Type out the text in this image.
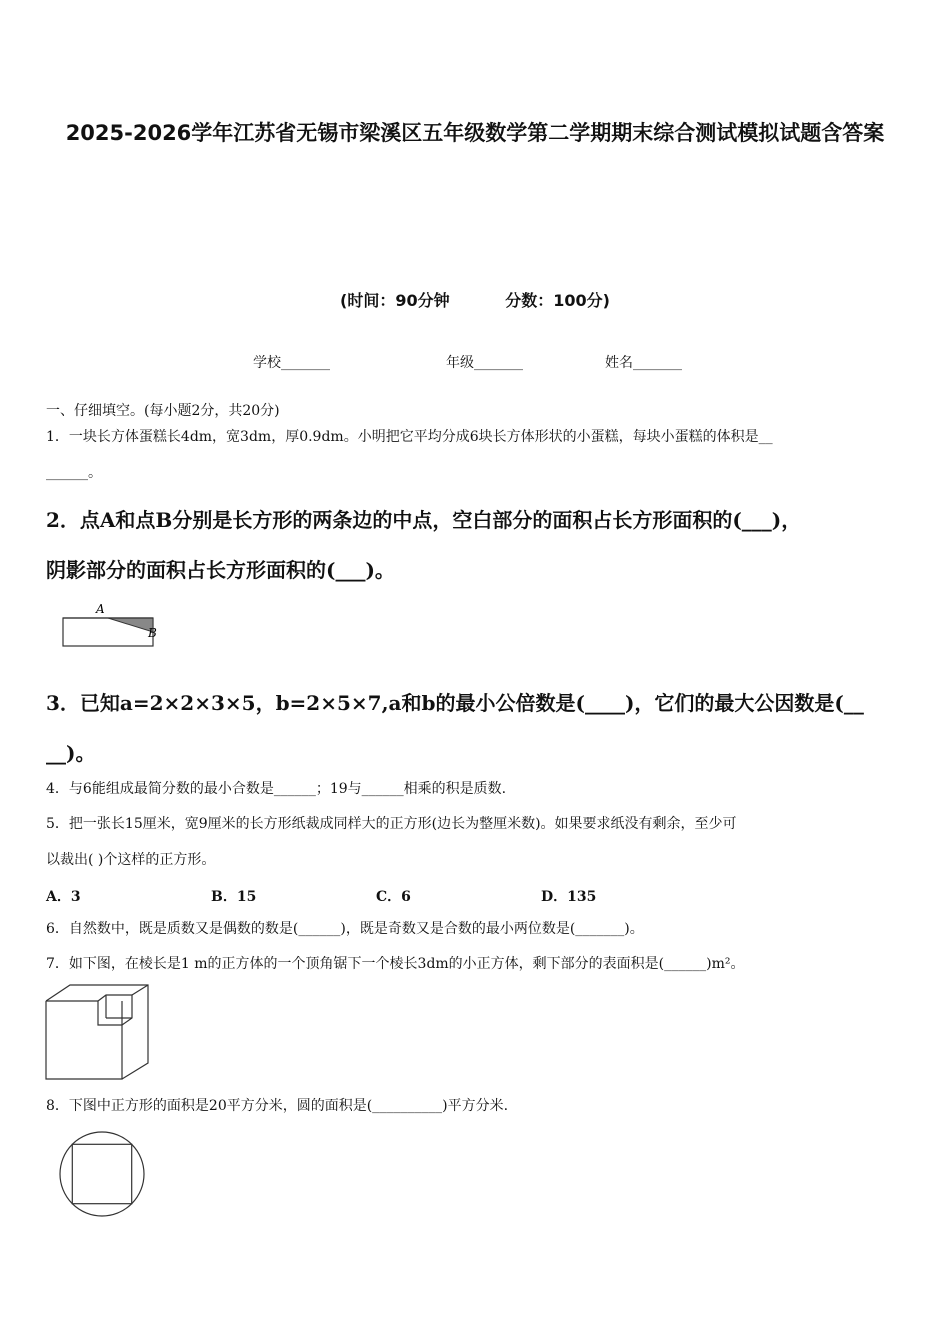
2025-2026学年江苏省无锡市梁溪区五年级数学第二学期期末综合测试模拟试题含答案
(时间：90分钟          分数：100分)
学校_______	年级_______	姓名_______
一、仔细填空。(每小题2分，共20分)
1．一块长方体蛋糕长4dm，宽3dm，厚0.9dm。小明把它平均分成6块长方体形状的小蛋糕，每块小蛋糕的体积是__
______。
2．点A和点B分别是长方形的两条边的中点，空白部分的面积占长方形面积的(___)，
阴影部分的面积占长方形面积的(___)。
A
B
3．已知a=2×2×3×5，b=2×5×7,a和b的最小公倍数是(____)，它们的最大公因数是(__
__)。
4．与6能组成最简分数的最小合数是______；19与______相乘的积是质数.
5．把一张长15厘米，宽9厘米的长方形纸裁成同样大的正方形(边长为整厘米数)。如果要求纸没有剩余，至少可
以裁出( )个这样的正方形。
A．3	B．15	C．6	D．135
6．自然数中，既是质数又是偶数的数是(______)，既是奇数又是合数的最小两位数是(_______)。
7．如下图，在棱长是1 m的正方体的一个顶角锯下一个棱长3dm的小正方体，剩下部分的表面积是(______)m²。
8．下图中正方形的面积是20平方分米，圆的面积是(__________)平方分米.
